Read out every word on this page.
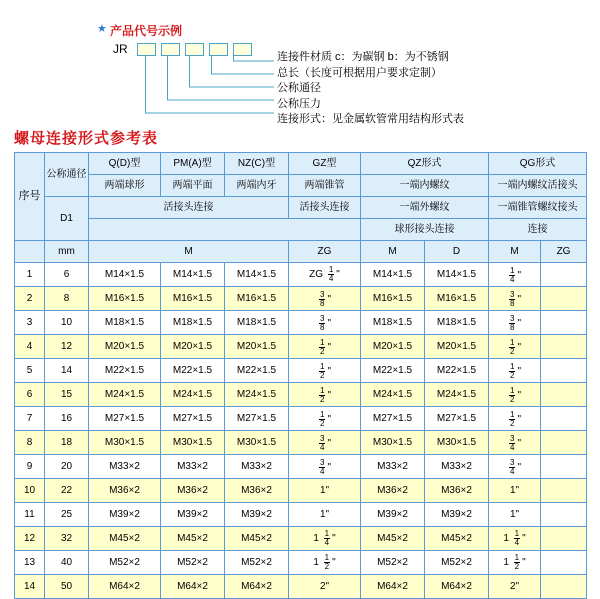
★ 产品代号示例
JR
连接件材质 c：为碳钢 b：为不锈钢
总长（长度可根据用户要求定制）
公称通径
公称压力
连接形式：见金属软管常用结构形式表
螺母连接形式参考表
序号	公称通径	Q(D)型	PM(A)型	NZ(C)型	GZ型	QZ形式		QG形式	
		两端球形	两端平面	两端内牙	两端锥管	一端内螺纹		一端内螺纹活接头	
	D1	活接头连接			活接头连接	一端外螺纹		一端锥管螺纹接头	
						球形接头连接		连接	
	mm	M			ZG	M	D	M	ZG
1	6	M14×1.5	M14×1.5	M14×1.5	ZG $\frac{1}{4}$ "	M14×1.5	M14×1.5	$\frac{1}{4}$ "	
2	8	M16×1.5	M16×1.5	M16×1.5	$\frac{3}{8}$ "	M16×1.5	M16×1.5	$\frac{3}{8}$ "	
3	10	M18×1.5	M18×1.5	M18×1.5	$\frac{3}{8}$ "	M18×1.5	M18×1.5	$\frac{3}{8}$ "	
4	12	M20×1.5	M20×1.5	M20×1.5	$\frac{1}{2}$ "	M20×1.5	M20×1.5	$\frac{1}{2}$ "	
5	14	M22×1.5	M22×1.5	M22×1.5	$\frac{1}{2}$ "	M22×1.5	M22×1.5	$\frac{1}{2}$ "	
6	15	M24×1.5	M24×1.5	M24×1.5	$\frac{1}{2}$ "	M24×1.5	M24×1.5	$\frac{1}{2}$ "	
7	16	M27×1.5	M27×1.5	M27×1.5	$\frac{1}{2}$ "	M27×1.5	M27×1.5	$\frac{1}{2}$ "	
8	18	M30×1.5	M30×1.5	M30×1.5	$\frac{3}{4}$ "	M30×1.5	M30×1.5	$\frac{3}{4}$ "	
9	20	M33×2	M33×2	M33×2	$\frac{3}{4}$ "	M33×2	M33×2	$\frac{3}{4}$ "	
10	22	M36×2	M36×2	M36×2	1"	M36×2	M36×2	1"	
11	25	M39×2	M39×2	M39×2	1"	M39×2	M39×2	1"	
12	32	M45×2	M45×2	M45×2	$1 \frac{1}{4}$ "	M45×2	M45×2	$1 \frac{1}{4}$ "	
13	40	M52×2	M52×2	M52×2	$1 \frac{1}{2}$ "	M52×2	M52×2	$1 \frac{1}{2}$ "	
14	50	M64×2	M64×2	M64×2	2"	M64×2	M64×2	2"	
